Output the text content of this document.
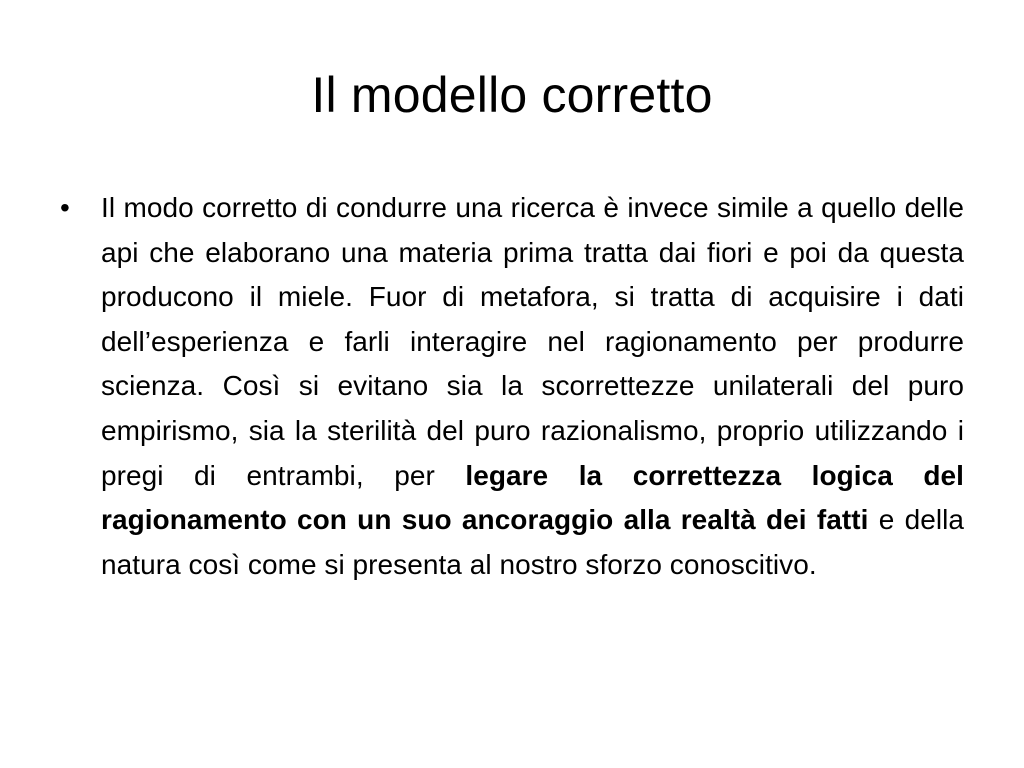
Il modello corretto
•	Il modo corretto di condurre una ricerca è invece simile a quello delle api che elaborano una materia prima tratta dai fiori e poi da questa producono il miele. Fuor di metafora, si tratta di acquisire i dati dell’esperienza e farli interagire nel ragionamento per produrre scienza. Così si evitano sia la scorrettezze unilaterali del puro empirismo, sia la sterilità del puro razionalismo, proprio utilizzando i pregi di entrambi, per legare la correttezza logica del ragionamento con un suo ancoraggio alla realtà dei fatti e della natura così come si presenta al nostro sforzo conoscitivo.
